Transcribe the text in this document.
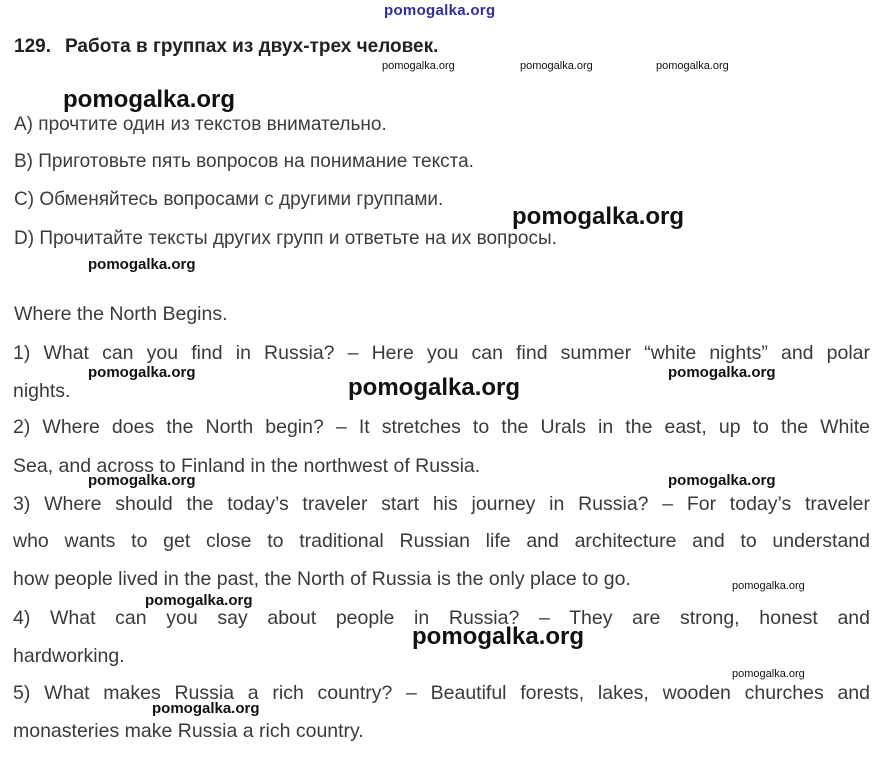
pomogalka.org
129. Работа в группах из двух-трех человек.
А) прочтите один из текстов внимательно.
В) Приготовьте пять вопросов на понимание текста.
С) Обменяйтесь вопросами с другими группами.
D) Прочитайте тексты других групп и ответьте на их вопросы.
Where the North Begins.
1) What can you find in Russia? – Here you can find summer “white nights” and polar
nights.
2) Where does the North begin? – It stretches to the Urals in the east, up to the White
Sea, and across to Finland in the northwest of Russia.
3) Where should the today’s traveler start his journey in Russia? – For today’s traveler
who wants to get close to traditional Russian life and architecture and to understand
how people lived in the past, the North of Russia is the only place to go.
4) What can you say about people in Russia? – They are strong, honest and
hardworking.
5) What makes Russia a rich country? – Beautiful forests, lakes, wooden churches and
monasteries make Russia a rich country.
pomogalka.org	pomogalka.org	pomogalka.org
pomogalka.org
pomogalka.org
pomogalka.org
pomogalka.org
pomogalka.org
pomogalka.org
pomogalka.org	pomogalka.org
pomogalka.org
pomogalka.org
pomogalka.org
pomogalka.org
pomogalka.org
